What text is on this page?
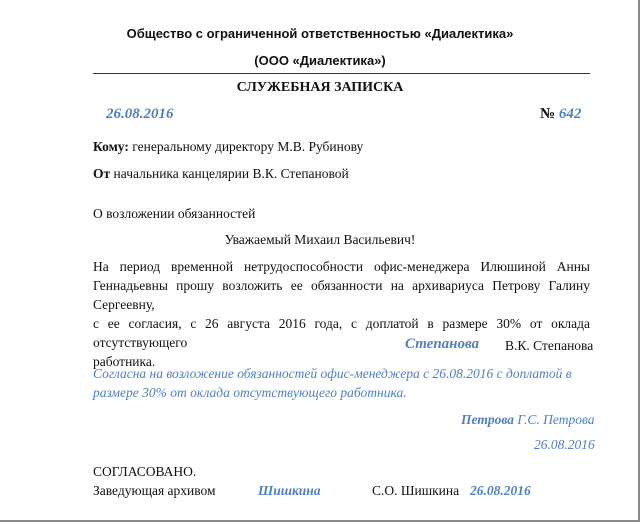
Общество с ограниченной ответственностью «Диалектика»
(ООО «Диалектика»)
СЛУЖЕБНАЯ ЗАПИСКА
26.08.2016	№ 642
Кому: генеральному директору М.В. Рубинову
От начальника канцелярии В.К. Степановой
О возложении обязанностей
Уважаемый Михаил Васильевич!
На период временной нетрудоспособности офис-менеджера Илюшиной Анны
Геннадьевны прошу возложить ее обязанности на архивариуса Петрову Галину Сергеевну,
с ее согласия, с 26 августа 2016 года, с доплатой в размере 30% от оклада отсутствующего
работника.
Степанова В.К. Степанова
Согласна на возложение обязанностей офис-менеджера с 26.08.2016 с доплатой в
размере 30% от оклада отсутствующего работника.
Петрова Г.С. Петрова
26.08.2016
СОГЛАСОВАНО.
Заведующая архивом	Шишкина	С.О. Шишкина 26.08.2016
